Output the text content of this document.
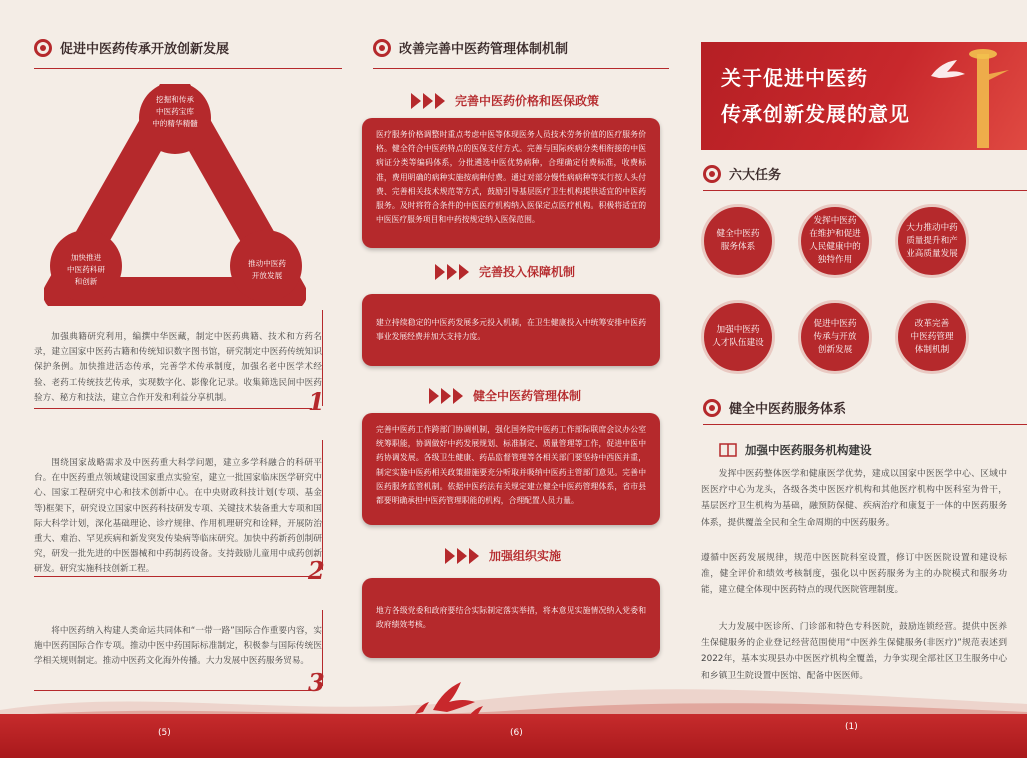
促进中医药传承开放创新发展
挖掘和传承
中医药宝库
中的精华精髓
加快推进
中医药科研
和创新
推动中医药
开放发展
加强典籍研究利用，编撰中华医藏，制定中医药典籍、技术和方药名录，建立国家中医药古籍和传统知识数字图书馆，研究制定中医药传统知识保护条例。加快推进活态传承，完善学术传承制度，加强名老中医学术经验、老药工传统技艺传承，实现数字化、影像化记录。收集筛选民间中医药验方、秘方和技法，建立合作开发和利益分享机制。	1
围绕国家战略需求及中医药重大科学问题，建立多学科融合的科研平台。在中医药重点领域建设国家重点实验室，建立一批国家临床医学研究中心、国家工程研究中心和技术创新中心。在中央财政科技计划(专项、基金等)框架下，研究设立国家中医药科技研发专项、关键技术装备重大专项和国际大科学计划，深化基础理论、诊疗规律、作用机理研究和诠释，开展防治重大、难治、罕见疾病和新发突发传染病等临床研究。加快中药新药创制研究，研发一批先进的中医器械和中药制药设备。支持鼓励儿童用中成药创新研发。研究实施科技创新工程。	2
将中医药纳入构建人类命运共同体和“一带一路”国际合作重要内容，实施中医药国际合作专项。推动中医中药国际标准制定，积极参与国际传统医学相关规则制定。推动中医药文化海外传播。大力发展中医药服务贸易。
3
(5)
改善完善中医药管理体制机制
完善中医药价格和医保政策
医疗服务价格调整时重点考虑中医等体现医务人员技术劳务价值的医疗服务价格。健全符合中医药特点的医保支付方式。完善与国际疾病分类相衔接的中医病证分类等编码体系，分批遴选中医优势病种，合理确定付费标准，收费标准，费用明确的病种实施按病种付费。通过对部分慢性病病种等实行按人头付费、完善相关技术规范等方式，鼓励引导基层医疗卫生机构提供适宜的中医药服务。及时将符合条件的中医医疗机构纳入医保定点医疗机构。积极将适宜的中医医疗服务项目和中药按规定纳入医保范围。
完善投入保障机制
建立持续稳定的中医药发展多元投入机制，在卫生健康投入中统筹安排中医药事业发展经费并加大支持力度。
健全中医药管理体制
完善中医药工作跨部门协调机制，强化国务院中医药工作部际联席会议办公室统筹职能，协调做好中药发展规划、标准制定、质量管理等工作，促进中医中药协调发展。各级卫生健康、药品监督管理等各相关部门要坚持中西医并重，制定实施中医药相关政策措施要充分听取并吸纳中医药主管部门意见。完善中医药服务监管机制。依据中医药法有关规定建立健全中医药管理体系，省市县都要明确承担中医药管理职能的机构，合理配置人员力量。
加强组织实施
地方各级党委和政府要结合实际制定落实举措，将本意见实施情况纳入党委和政府绩效考核。
(6)
关于促进中医药
传承创新发展的意见
六大任务
健全中医药
服务体系
发挥中医药
在维护和促进
人民健康中的
独特作用
大力推动中药
质量提升和产
业高质量发展
加强中医药
人才队伍建设
促进中医药
传承与开放
创新发展
改革完善
中医药管理
体制机制
健全中医药服务体系
加强中医药服务机构建设
发挥中医药整体医学和健康医学优势，建成以国家中医医学中心、区域中医医疗中心为龙头，各级各类中医医疗机构和其他医疗机构中医科室为骨干，基层医疗卫生机构为基础，融预防保健、疾病治疗和康复于一体的中医药服务体系，提供覆盖全民和全生命周期的中医药服务。
遵循中医药发展规律，规范中医医院科室设置，修订中医医院设置和建设标准，健全评价和绩效考核制度，强化以中医药服务为主的办院模式和服务功能，建立健全体现中医药特点的现代医院管理制度。
大力发展中医诊所、门诊部和特色专科医院，鼓励连锁经营。提供中医养生保健服务的企业登记经营范围使用“中医养生保健服务(非医疗)”规范表述到2022年，基本实现县办中医医疗机构全覆盖，力争实现全部社区卫生服务中心和乡镇卫生院设置中医馆、配备中医医师。
(1)
